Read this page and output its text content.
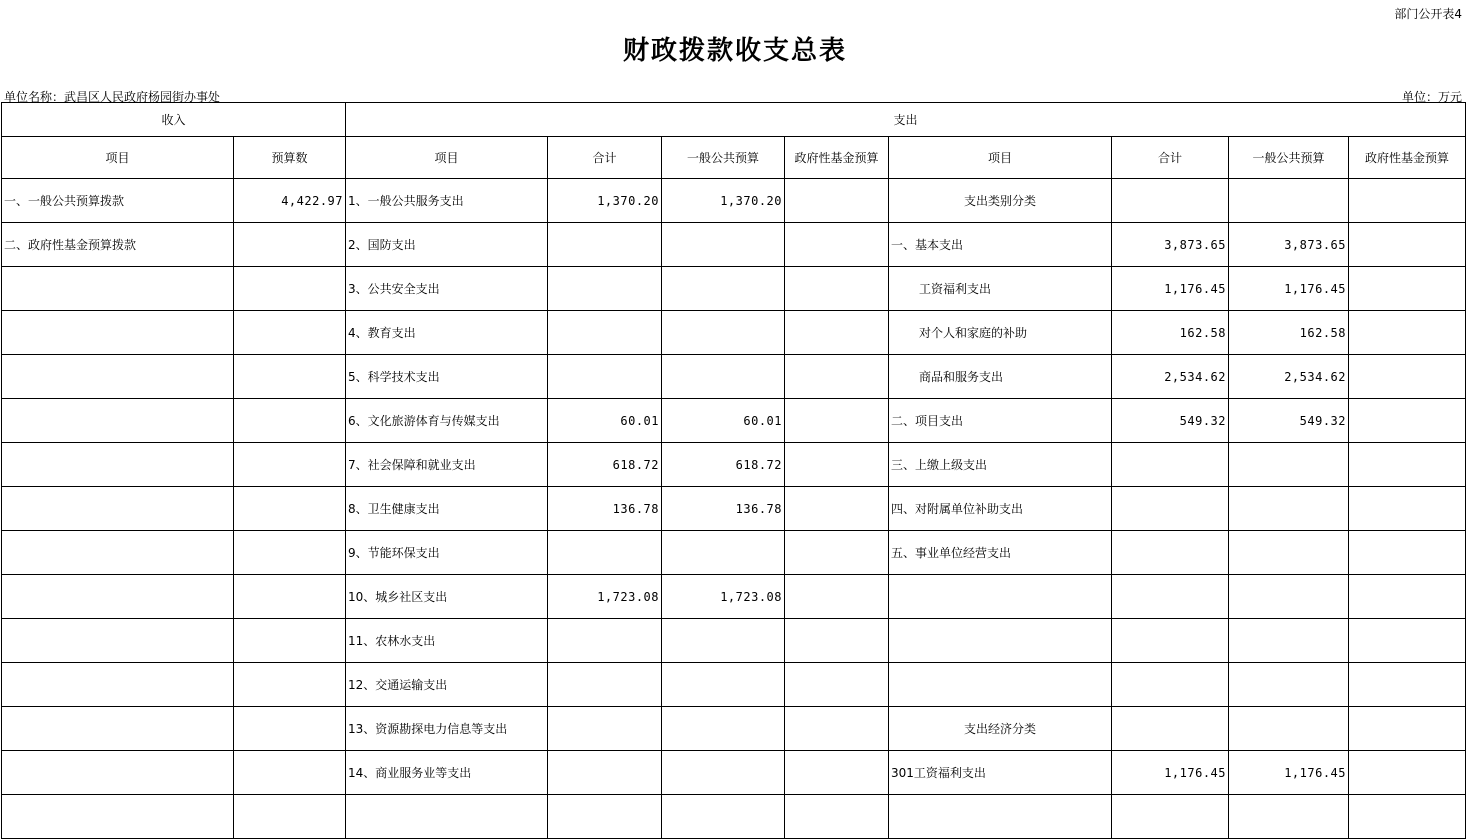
部门公开表4
财政拨款收支总表
单位名称：武昌区人民政府杨园街办事处	单位：万元
收入		支出							
项目	预算数	项目	合计	一般公共预算	政府性基金预算	项目	合计	一般公共预算	政府性基金预算
一、一般公共预算拨款	4,422.97	1、一般公共服务支出	1,370.20	1,370.20		支出类别分类			
二、政府性基金预算拨款		2、国防支出				一、基本支出	3,873.65	3,873.65	
		3、公共安全支出				工资福利支出	1,176.45	1,176.45	
		4、教育支出				对个人和家庭的补助	162.58	162.58	
		5、科学技术支出				商品和服务支出	2,534.62	2,534.62	
		6、文化旅游体育与传媒支出	60.01	60.01		二、项目支出	549.32	549.32	
		7、社会保障和就业支出	618.72	618.72		三、上缴上级支出			
		8、卫生健康支出	136.78	136.78		四、对附属单位补助支出			
		9、节能环保支出				五、事业单位经营支出			
		10、城乡社区支出	1,723.08	1,723.08					
		11、农林水支出							
		12、交通运输支出							
		13、资源勘探电力信息等支出				支出经济分类			
		14、商业服务业等支出				301工资福利支出	1,176.45	1,176.45	
